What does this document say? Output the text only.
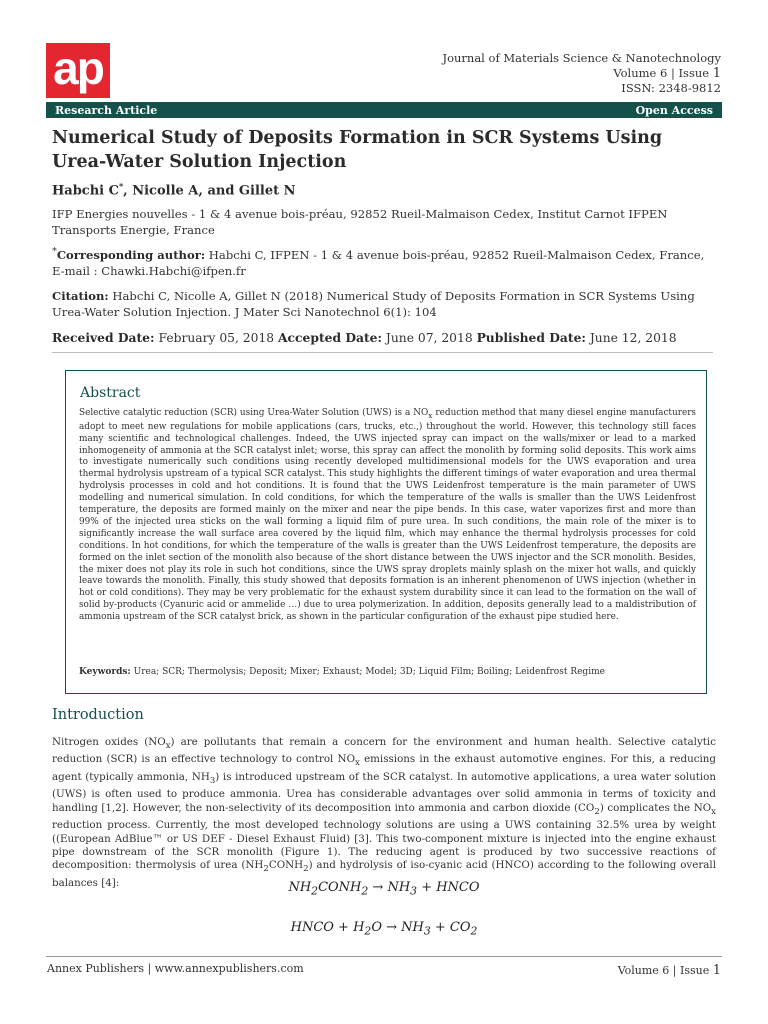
ap	Journal of Materials Science & Nanotechnology
Volume 6 | Issue 1
ISSN: 2348-9812
Research Article	Open Access
Numerical Study of Deposits Formation in SCR Systems Using Urea-Water Solution Injection
Habchi C*, Nicolle A, and Gillet N
IFP Energies nouvelles - 1 & 4 avenue bois-préau, 92852 Rueil-Malmaison Cedex, Institut Carnot IFPEN Transports Energie, France
*Corresponding author: Habchi C, IFPEN - 1 & 4 avenue bois-préau, 92852 Rueil-Malmaison Cedex, France, E-mail : Chawki.Habchi@ifpen.fr
Citation: Habchi C, Nicolle A, Gillet N (2018) Numerical Study of Deposits Formation in SCR Systems Using Urea-Water Solution Injection. J Mater Sci Nanotechnol 6(1): 104
Received Date: February 05, 2018 Accepted Date: June 07, 2018 Published Date: June 12, 2018
Abstract
Selective catalytic reduction (SCR) using Urea-Water Solution (UWS) is a $NO_x$ reduction method that many diesel engine manufacturers adopt to meet new regulations for mobile applications (cars, trucks, etc.,) throughout the world. However, this technology still faces many scientific and technological challenges. Indeed, the UWS injected spray can impact on the walls/mixer or lead to a marked inhomogeneity of ammonia at the SCR catalyst inlet; worse, this spray can affect the monolith by forming solid deposits. This work aims to investigate numerically such conditions using recently developed multidimensional models for the UWS evaporation and urea thermal hydrolysis upstream of a typical SCR catalyst. This study highlights the different timings of water evaporation and urea thermal hydrolysis processes in cold and hot conditions. It is found that the UWS Leidenfrost temperature is the main parameter of UWS modelling and numerical simulation. In cold conditions, for which the temperature of the walls is smaller than the UWS Leidenfrost temperature, the deposits are formed mainly on the mixer and near the pipe bends. In this case, water vaporizes first and more than 99% of the injected urea sticks on the wall forming a liquid film of pure urea. In such conditions, the main role of the mixer is to significantly increase the wall surface area covered by the liquid film, which may enhance the thermal hydrolysis processes for cold conditions. In hot conditions, for which the temperature of the walls is greater than the UWS Leidenfrost temperature, the deposits are formed on the inlet section of the monolith also because of the short distance between the UWS injector and the SCR monolith. Besides, the mixer does not play its role in such hot conditions, since the UWS spray droplets mainly splash on the mixer hot walls, and quickly leave towards the monolith. Finally, this study showed that deposits formation is an inherent phenomenon of UWS injection (whether in hot or cold conditions). They may be very problematic for the exhaust system durability since it can lead to the formation on the wall of solid by-products (Cyanuric acid or ammelide …) due to urea polymerization. In addition, deposits generally lead to a maldistribution of ammonia upstream of the SCR catalyst brick, as shown in the particular configuration of the exhaust pipe studied here.
Keywords: Urea; SCR; Thermolysis; Deposit; Mixer; Exhaust; Model; 3D; Liquid Film; Boiling; Leidenfrost Regime
Introduction
Nitrogen oxides $(NO_x)$ are pollutants that remain a concern for the environment and human health. Selective catalytic reduction (SCR) is an effective technology to control $NO_x$ emissions in the exhaust automotive engines. For this, a reducing agent (typically ammonia, $NH_3$) is introduced upstream of the SCR catalyst. In automotive applications, a urea water solution (UWS) is often used to produce ammonia. Urea has considerable advantages over solid ammonia in terms of toxicity and handling [1,2]. However, the non-selectivity of its decomposition into ammonia and carbon dioxide $(CO_2)$ complicates the $NO_x$ reduction process. Currently, the most developed technology solutions are using a UWS containing 32.5% urea by weight ((European AdBlue™ or US DEF - Diesel Exhaust Fluid) [3]. This two-component mixture is injected into the engine exhaust pipe downstream of the SCR monolith (Figure 1). The reducing agent is produced by two successive reactions of decomposition: thermolysis of urea $(NH_2CONH_2)$ and hydrolysis of iso-cyanic acid (HNCO) according to the following overall balances [4]:	$NH_2CONH_2 \to NH_3$ + HNCO
HNCO + $H_2O \to NH_3 + CO_2$
Annex Publishers | www.annexpublishers.com	Volume 6 | Issue 1
